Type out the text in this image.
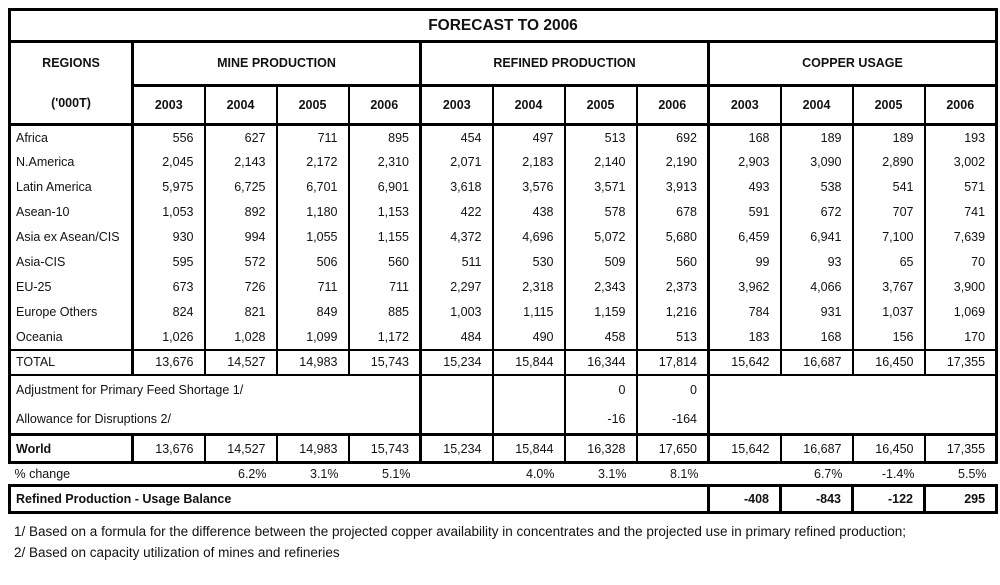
FORECAST TO 2006												

REGIONS
('000T)	MINE PRODUCTION				REFINED PRODUCTION				COPPER USAGE			
	2003	2004	2005	2006	2003	2004	2005	2006	2003	2004	2005	2006
Africa	556	627	711	895	454	497	513	692	168	189	189	193
N.America	2,045	2,143	2,172	2,310	2,071	2,183	2,140	2,190	2,903	3,090	2,890	3,002
Latin America	5,975	6,725	6,701	6,901	3,618	3,576	3,571	3,913	493	538	541	571
Asean-10	1,053	892	1,180	1,153	422	438	578	678	591	672	707	741
Asia ex Asean/CIS	930	994	1,055	1,155	4,372	4,696	5,072	5,680	6,459	6,941	7,100	7,639
Asia-CIS	595	572	506	560	511	530	509	560	99	93	65	70
EU-25	673	726	711	711	2,297	2,318	2,343	2,373	3,962	4,066	3,767	3,900
Europe Others	824	821	849	885	1,003	1,115	1,159	1,216	784	931	1,037	1,069
Oceania	1,026	1,028	1,099	1,172	484	490	458	513	183	168	156	170
TOTAL	13,676	14,527	14,983	15,743	15,234	15,844	16,344	17,814	15,642	16,687	16,450	17,355
Adjustment for Primary Feed Shortage 1/							0	0				
Allowance for Disruptions 2/							-16	-164				
World	13,676	14,527	14,983	15,743	15,234	15,844	16,328	17,650	15,642	16,687	16,450	17,355
% change		6.2%	3.1%	5.1%		4.0%	3.1%	8.1%		6.7%	-1.4%	5.5%
Refined Production - Usage Balance									-408	-843	-122	295

1/ Based on a formula for the difference between the projected copper availability in concentrates and the projected use in primary refined production;

2/ Based on capacity utilization of mines and refineries
